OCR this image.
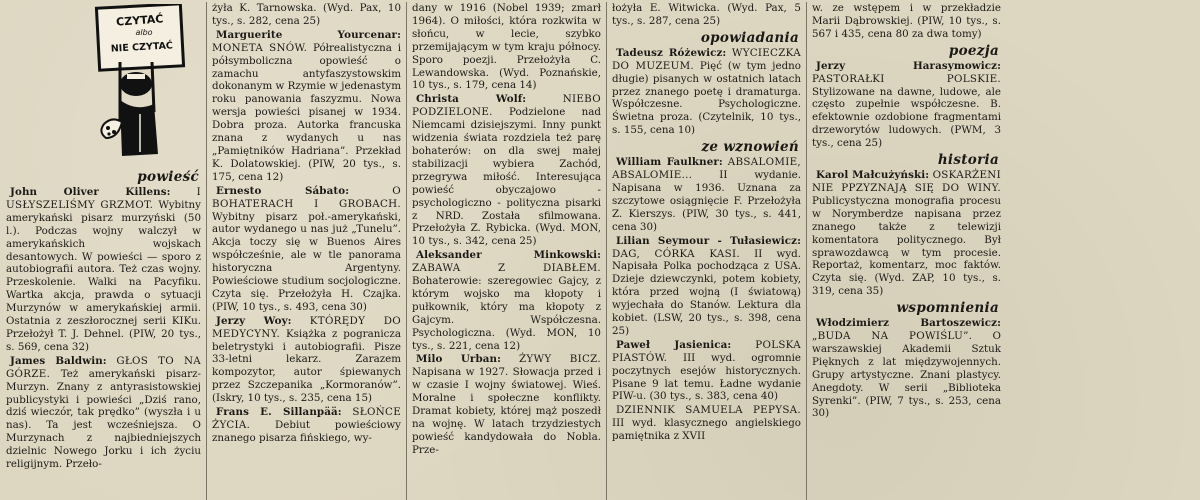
CZYTAĆ
albo
NIE CZYTAĆ
powieść

John Oliver Killens:	I USŁYSZELIŚMY GRZMOT. Wybitny amerykański pisarz murzyński (50 l.). Podczas wojny walczył w amerykańskich wojskach desantowych. W powieści — sporo z autobiografii autora. Też czas wojny. Przeskolenie. Walki na Pacyfiku. Wartka akcja, prawda o sytuacji Murzynów w amerykańskiej armii. Ostatnia z zeszłorocznej serii KIKu. Przełożył T. J. Dehnel. (PIW, 20 tys., s. 569, cena 32)

James Baldwin: GŁOS TO NA GÓRZE. Też amerykański pisarz-Murzyn. Znany z antyrasistowskiej publicystyki i powieści „Dziś rano, dziś wieczór, tak prędko” (wyszła i u nas). Ta jest wcześniejsza. O Murzynach z najbiedniejszych dzielnic Nowego Jorku i ich życiu religijnym. Przeło-

żyła K. Tarnowska. (Wyd. Pax, 10 tys., s. 282, cena 25)

Marguerite Yourcenar: MONETA SNÓW. Półrealistyczna i półsymboliczna opowieść o zamachu antyfaszystowskim dokonanym w Rzymie w jedenastym roku panowania faszyzmu. Nowa wersja powieści pisanej w 1934. Dobra proza. Autorka francuska znana z wydanych u nas „Pamiętników Hadriana”. Przekład K. Dolatowskiej. (PIW, 20 tys., s. 175, cena 12)

Ernesto Sábato:	O BOHATERACH I GROBACH. Wybitny pisarz poł.-amerykański, autor wydanego u nas już „Tunelu”. Akcja toczy się w Buenos Aires współcześnie, ale w tle panorama historyczna Argentyny. Powieściowe studium socjologiczne. Czyta się. Przełożyła H. Czajka. (PIW, 10 tys., s. 493, cena 30)

Jerzy Woy: KTÓRĘDY DO MEDYCYNY. Książka z pogranicza beletrystyki i autobiografii. Pisze 33-letni lekarz. Zarazem kompozytor, autor śpiewanych przez Szczepanika „Kormoranów”. (Iskry, 10 tys., s. 235, cena 15)

Frans E. Sillanpää: SŁOŃCE ŻYCIA. Debiut powieściowy znanego pisarza fińskiego, wy-

dany w 1916 (Nobel 1939; zmarł 1964). O miłości, która rozkwita w słońcu, w lecie, szybko przemijającym w tym kraju północy. Sporo poezji. Przełożyła C. Lewandowska. (Wyd. Poznańskie, 10 tys., s. 179, cena 14)

Christa Wolf:	NIEBO PODZIELONE. Podzielone nad Niemcami dzisiejszymi. Inny punkt widzenia świata rozdziela też parę bohaterów: on dla swej małej stabilizacji wybiera Zachód, przegrywa miłość. Interesująca powieść obyczajowo - psychologiczno - polityczna pisarki z NRD. Została sfilmowana. Przełożyła Z. Rybicka. (Wyd. MON, 10 tys., s. 342, cena 25)

Aleksander Minkowski: ZABAWA Z DIABŁEM. Bohaterowie: szeregowiec Gajcy, z którym wojsko ma kłopoty i pułkownik, który ma kłopoty z Gajcym. Współczesna. Psychologiczna. (Wyd. MON, 10 tys., s. 221, cena 12)

Milo Urban: ŻYWY BICZ. Napisana w 1927. Słowacja przed i w czasie I wojny światowej. Wieś. Moralne i społeczne konflikty. Dramat kobiety, której mąż poszedł na wojnę. W latach trzydziestych powieść kandydowała do Nobla. Prze-

łożyła E. Witwicka. (Wyd. Pax, 5 tys., s. 287, cena 25)

opowiadania

Tadeusz Różewicz: WYCIECZKA DO MUZEUM. Pięć (w tym jedno długie) pisanych w ostatnich latach przez znanego poetę i dramaturga. Współczesne. Psychologiczne. Świetna proza. (Czytelnik, 10 tys., s. 155, cena 10)

ze wznowień

William Faulkner: ABSALOMIE, ABSALOMIE...	II wydanie. Napisana w 1936. Uznana za szczytowe osiągnięcie F. Przełożyła Z. Kierszys. (PIW, 30 tys., s. 441, cena 30)

Lilian Seymour - Tułasiewicz: DAG, CÓRKA KASI. II wyd. Napisała Polka pochodząca z USA. Dzieje dziewczynki, potem kobiety, która przed wojną (I światową) wyjechała do Stanów. Lektura dla kobiet. (LSW, 20 tys., s. 398, cena 25)

Paweł Jasienica: POLSKA PIASTÓW. III wyd. ogromnie poczytnych esejów historycznych. Pisane 9 lat temu. Ładne wydanie PIW-u. (30 tys., s. 383, cena 40)

DZIENNIK SAMUELA PEPYSA. III wyd. klasycznego angielskiego pamiętnika z XVII

w. ze wstępem i w przekładzie Marii Dąbrowskiej. (PIW, 10 tys., s. 567 i 435, cena 80 za dwa tomy)

poezja

Jerzy Harasymowicz: PASTORAŁKI POLSKIE. Stylizowane na dawne, ludowe, ale często zupełnie współczesne. B. efektownie ozdobione fragmentami drzeworytów ludowych. (PWM, 3 tys., cena 25)

historia

Karol Małcużyński: OSKARŻENI NIE PPZYZNAJĄ SIĘ DO WINY. Publicystyczna monografia procesu w Norymberdze napisana przez znanego także z telewizji komentatora politycznego. Był sprawozdawcą w tym procesie. Reportaż, komentarz, moc faktów. Czyta się. (Wyd. ZAP, 10 tys., s. 319, cena 35)

wspomnienia

Włodzimierz Bartoszewicz: „BUDA NA POWIŚLU”. O warszawskiej Akademii Sztuk Pięknych z lat międzywojennych. Grupy artystyczne. Znani plastycy. Anegdoty. W serii „Biblioteka Syrenki”. (PIW, 7 tys., s. 253, cena 30)
